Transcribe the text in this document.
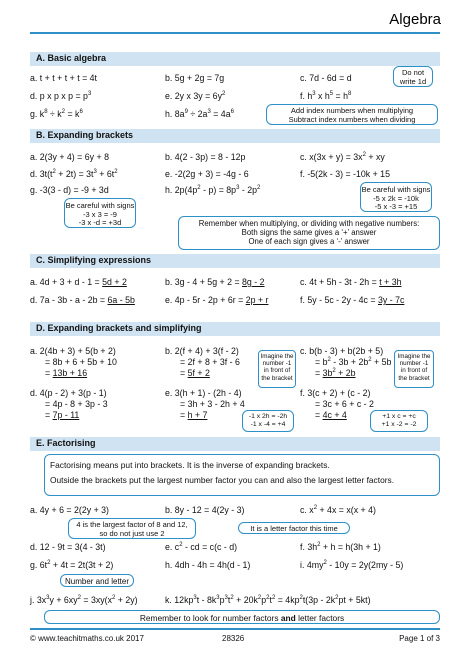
Algebra
A. Basic algebra
a. t + t + t + t = 4t	b. 5g + 2g = 7g	c. 7d - 6d = d
d. p x p x $p = p^3$	e. 2y x $3y = 6y^2$	f. $h^3$ x $h^5 = h^8$
g. $k^8 \div k^2 = k^6$	h. $8a^9 \div 2a^3 = 4a^6$
Do not
write 1d
Add index numbers when multiplying
Subtract index numbers when dividing
B. Expanding brackets
a. 2(3y + 4) = 6y + 8	b. 4(2 - 3p) = 8 - 12p	c. $x(3x + y) = 3x^2$ + xy
d. $3t(t^2 + 2t) = 3t^3 + 6t^2$	e. -2(2g + 3) = -4g - 6	f. -5(2k - 3) = -10k + 15
g. -3(3 - d) = -9 + 3d	h. $2p(4p^2 - p) = 8p^3 - 2p^2$
Be careful with signs
-3 x 3 = -9
-3 x -d = +3d
Be careful with signs
-5 x 2k = -10k
-5 x -3 = +15
Remember when multiplying, or dividing with negative numbers:
Both signs the same gives a ‘+’ answer
One of each sign gives a ‘-’ answer
C. Simplifying expressions
a. 4d + 3 + d - 1 = 5d + 2	b. 3g - 4 + 5g + 2 = 8g - 2	c. 4t + 5h - 3t - 2h = t + 3h
d. 7a - 3b - a - 2b = 6a - 5b	e. 4p - 5r - 2p + 6r = 2p + r	f. 5y - 5c - 2y - 4c = 3y - 7c
D. Expanding brackets and simplifying
a. 2(4b + 3) + 5(b + 2)
= 8b + 6 + 5b + 10
= 13b + 16
b. 2(f + 4) + 3(f - 2)
= 2f + 8 + 3f - 6
= 5f + 2
c. b(b - 3) + b(2b + 5)
= $b^2 - 3b + 2b^2 + 5b$
= $3b^2 + 2b$
d. 4(p - 2) + 3(p - 1)
= 4p - 8 + 3p - 3
= 7p - 11
e. 3(h + 1) - (2h - 4)
= 3h + 3 - 2h + 4
= h + 7
f. 3(c + 2) + (c - 2)
= 3c + 6 + c - 2
= 4c + 4
Imagine the
number -1
in front of
the bracket
Imagine the
number -1
in front of
the bracket
-1 x 2h = -2h
-1 x -4 = +4
+1 x c = +c
+1 x -2 = -2
E. Factorising
Factorising means put into brackets. It is the inverse of expanding brackets.
Outside the brackets put the largest number factor you can and also the largest letter factors.
a. 4y + 6 = 2(2y + 3)	b. 8y - 12 = 4(2y - 3)	c. $x^2 + 4x = x(x + 4)$
4 is the largest factor of 8 and 12,
so do not just use 2
It is a letter factor this time
d. 12 - 9t = 3(4 - 3t)	e. $c^2$ - cd = c(c - d)	f. $3h^2 + h = h(3h + 1)$
g. $6t^2 + 4t = 2t(3t + 2)$	h. 4dh - 4h = 4h(d - 1)	i. $4my^2 - 10y = 2y(2my - 5)$
Number and letter
j. $3x^3y + 6xy^2 = 3xy(x^2 + 2y)$	k. $12kp^3t - 8k^3p^3t^2 + 20k^2p^2t^2 = 4kp^2t(3p - 2k^2pt + 5kt)$
Remember to look for number factors and letter factors
© www.teachitmaths.co.uk 2017	28326	Page 1 of 3
